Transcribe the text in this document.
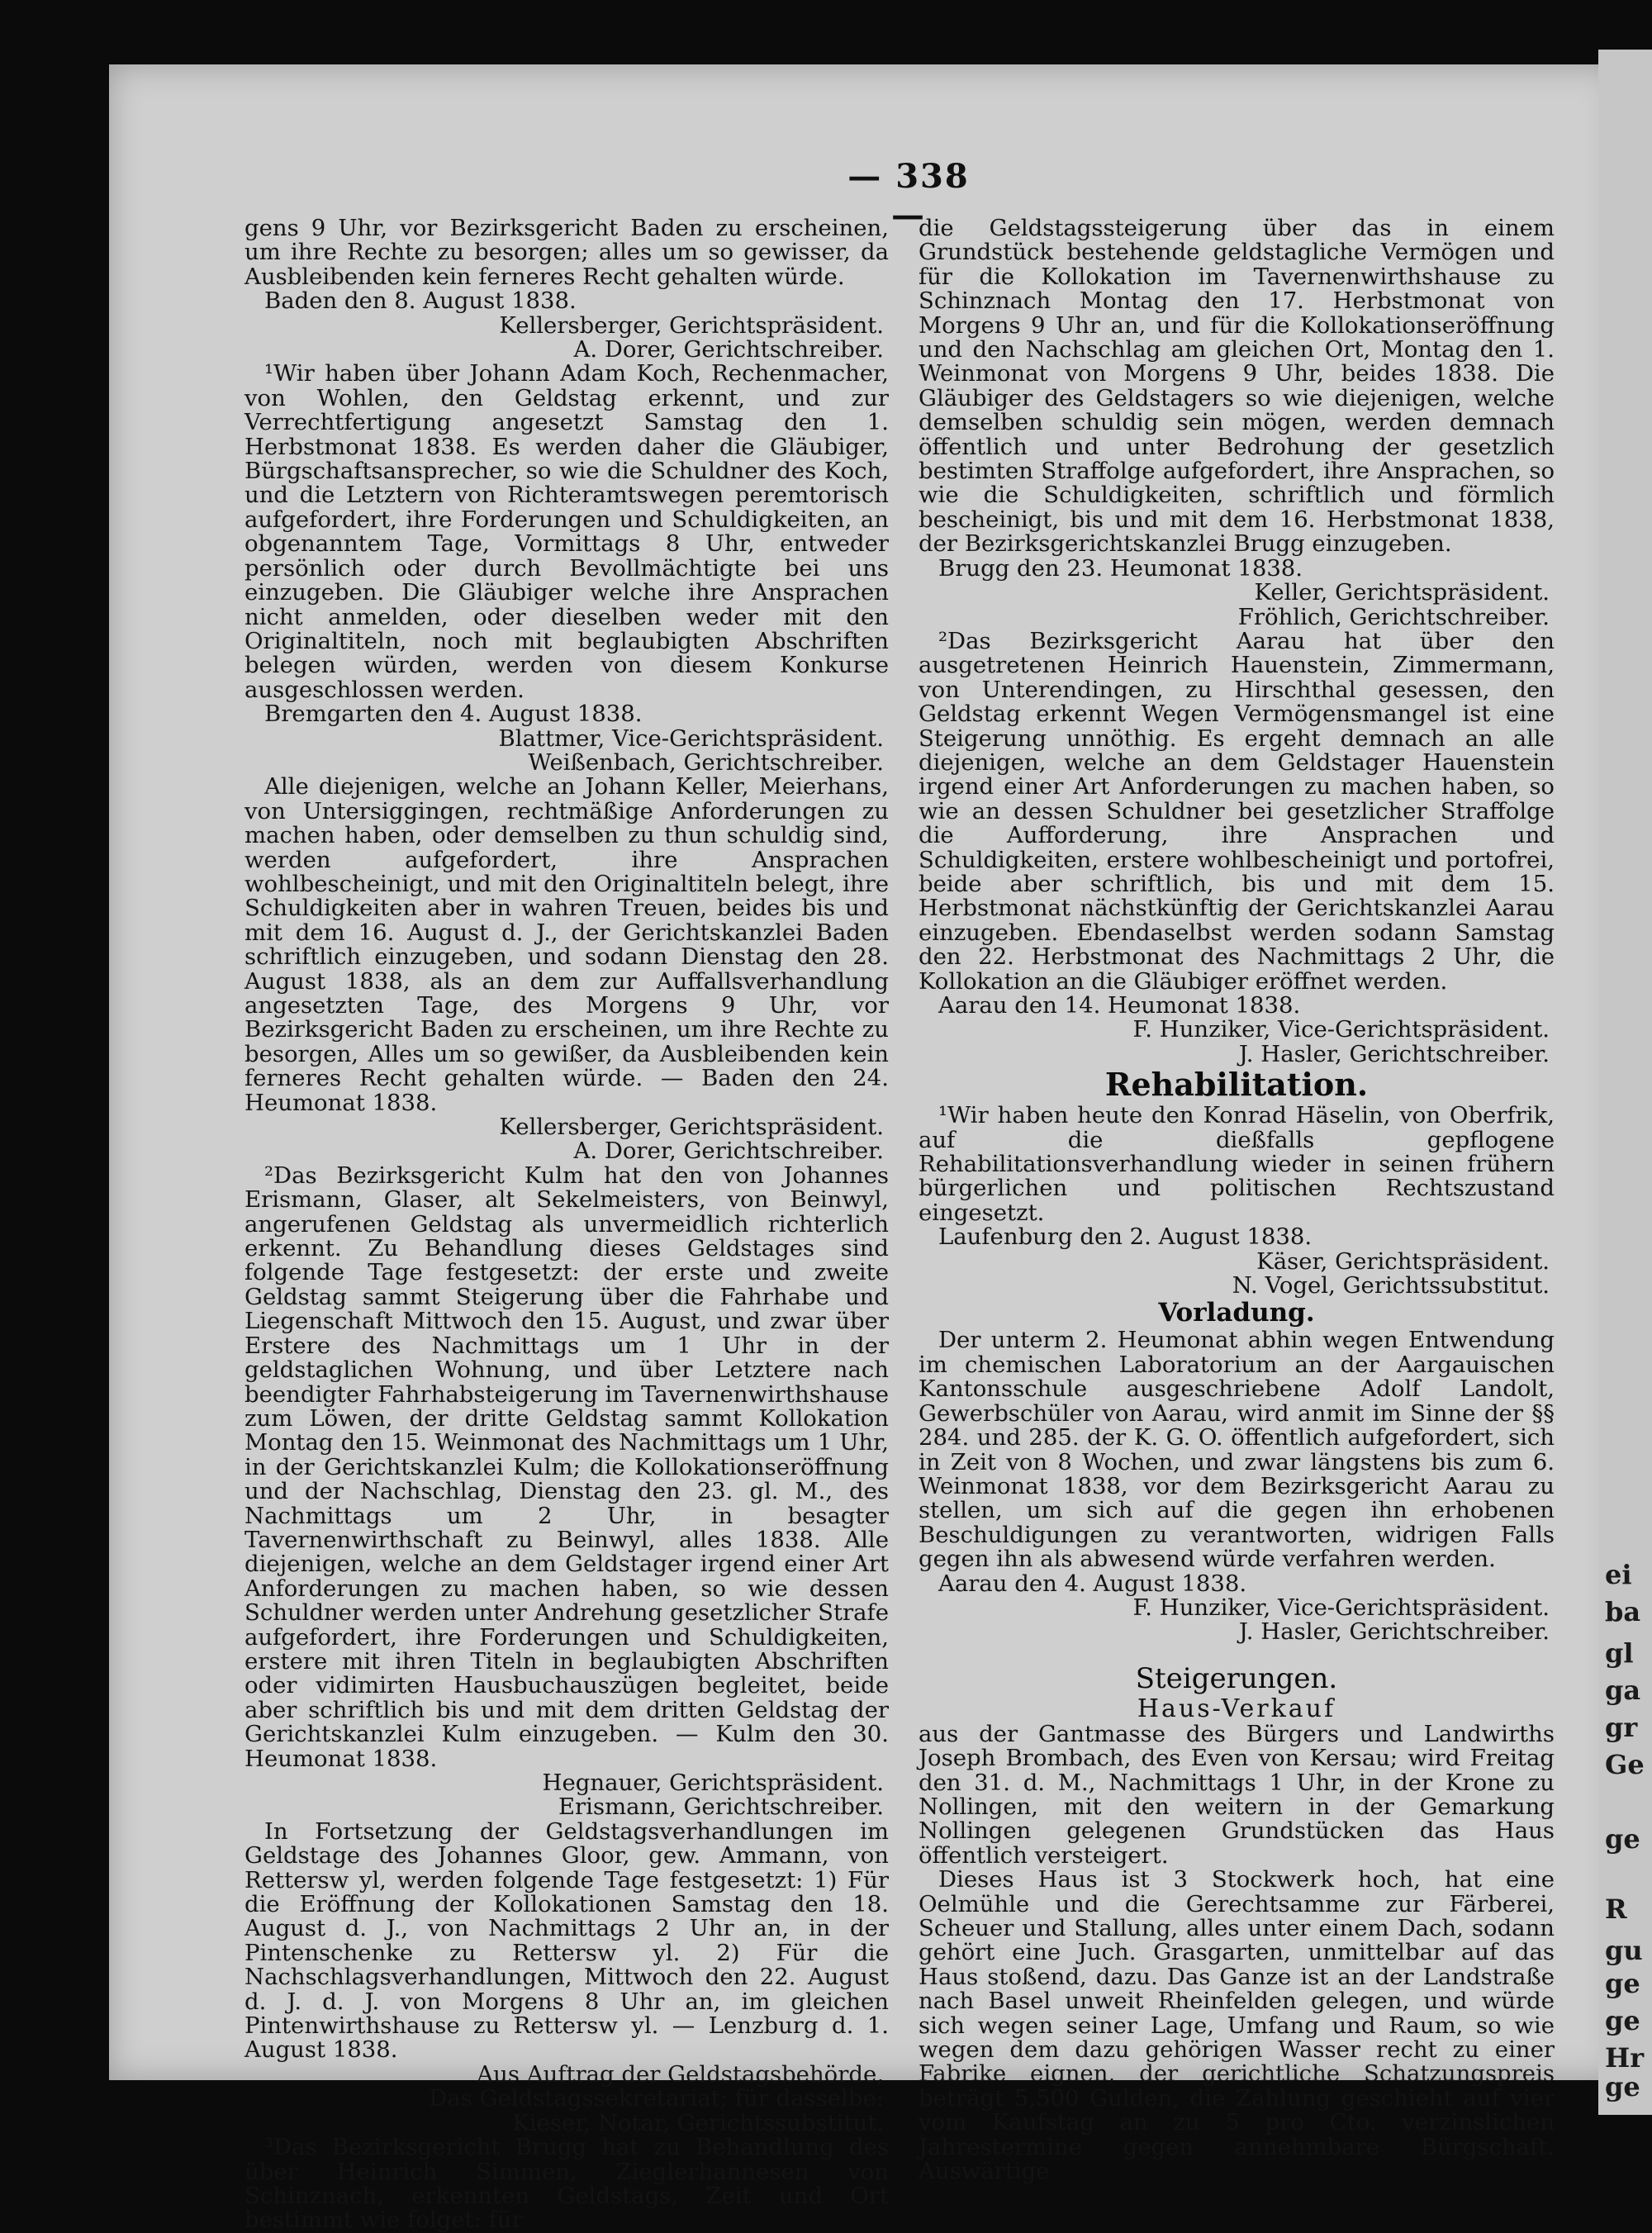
ei
ba
gl
ga
gr
Ge
ge
R
gu
ge
ge
Hr
ge
— 338 —

gens 9 Uhr, vor Bezirksgericht Baden zu erscheinen, um ihre Rechte zu besorgen; alles um so gewisser, da Ausbleibenden kein ferneres Recht gehalten würde.

Baden den 8. August 1838.

Kellersberger, Gerichtspräsident.

A. Dorer, Gerichtschreiber.

¹Wir haben über Johann Adam Koch, Rechenmacher, von Wohlen, den Geldstag erkennt, und zur Verrechtfertigung angesetzt Samstag den 1. Herbstmonat 1838. Es werden daher die Gläubiger, Bürgschaftsansprecher, so wie die Schuldner des Koch, und die Letztern von Richteramtswegen peremtorisch aufgefordert, ihre Forderungen und Schuldigkeiten, an obgenanntem Tage, Vormittags 8 Uhr, entweder persönlich oder durch Bevollmächtigte bei uns einzugeben. Die Gläubiger welche ihre Ansprachen nicht anmelden, oder dieselben weder mit den Originaltiteln, noch mit beglaubigten Abschriften belegen würden, werden von diesem Konkurse ausgeschlossen werden.

Bremgarten den 4. August 1838.

Blattmer, Vice-Gerichtspräsident.

Weißenbach, Gerichtschreiber.

Alle diejenigen, welche an Johann Keller, Meierhans, von Untersiggingen, rechtmäßige Anforderungen zu machen haben, oder demselben zu thun schuldig sind, werden aufgefordert, ihre Ansprachen wohlbescheinigt, und mit den Originaltiteln belegt, ihre Schuldigkeiten aber in wahren Treuen, beides bis und mit dem 16. August d. J., der Gerichtskanzlei Baden schriftlich einzugeben, und sodann Dienstag den 28. August 1838, als an dem zur Auffallsverhandlung angesetzten Tage, des Morgens 9 Uhr, vor Bezirksgericht Baden zu erscheinen, um ihre Rechte zu besorgen, Alles um so gewißer, da Ausbleibenden kein ferneres Recht gehalten würde. — Baden den 24. Heumonat 1838.

Kellersberger, Gerichtspräsident.

A. Dorer, Gerichtschreiber.

²Das Bezirksgericht Kulm hat den von Johannes Erismann, Glaser, alt Sekelmeisters, von Beinwyl, angerufenen Geldstag als unvermeidlich richterlich erkennt. Zu Behandlung dieses Geldstages sind folgende Tage festgesetzt: der erste und zweite Geldstag sammt Steigerung über die Fahrhabe und Liegenschaft Mittwoch den 15. August, und zwar über Erstere des Nachmittags um 1 Uhr in der geldstaglichen Wohnung, und über Letztere nach beendigter Fahrhabsteigerung im Tavernenwirthshause zum Löwen, der dritte Geldstag sammt Kollokation Montag den 15. Weinmonat des Nachmittags um 1 Uhr, in der Gerichtskanzlei Kulm; die Kollokationseröffnung und der Nachschlag, Dienstag den 23. gl. M., des Nachmittags um 2 Uhr, in besagter Tavernenwirthschaft zu Beinwyl, alles 1838. Alle diejenigen, welche an dem Geldstager irgend einer Art Anforderungen zu machen haben, so wie dessen Schuldner werden unter Andrehung gesetzlicher Strafe aufgefordert, ihre Forderungen und Schuldigkeiten, erstere mit ihren Titeln in beglaubigten Abschriften oder vidimirten Hausbuchauszügen begleitet, beide aber schriftlich bis und mit dem dritten Geldstag der Gerichtskanzlei Kulm einzugeben. — Kulm den 30. Heumonat 1838.

Hegnauer, Gerichtspräsident.

Erismann, Gerichtschreiber.

In Fortsetzung der Geldstagsverhandlungen im Geldstage des Johannes Gloor, gew. Ammann, von Rettersw yl, werden folgende Tage festgesetzt: 1) Für die Eröffnung der Kollokationen Samstag den 18. August d. J., von Nachmittags 2 Uhr an, in der Pintenschenke zu Rettersw yl. 2) Für die Nachschlagsverhandlungen, Mittwoch den 22. August d. J. d. J. von Morgens 8 Uhr an, im gleichen Pintenwirthshause zu Rettersw yl. — Lenzburg d. 1. August 1838.

Aus Auftrag der Geldstagsbehörde,

Das Geldstagssekretariat; für dasselbe:

Kieser, Notar, Gerichtssubstitut.

³Das Bezirksgericht Brugg hat zu Behandlung des über Heinrich Simmen, Zieglerhannesen von Schinznach, erkennten Geldstags, Zeit und Ort bestimmt wie folget: für

die Geldstagssteigerung über das in einem Grundstück bestehende geldstagliche Vermögen und für die Kollokation im Tavernenwirthshause zu Schinznach Montag den 17. Herbstmonat von Morgens 9 Uhr an, und für die Kollokationseröffnung und den Nachschlag am gleichen Ort, Montag den 1. Weinmonat von Morgens 9 Uhr, beides 1838. Die Gläubiger des Geldstagers so wie diejenigen, welche demselben schuldig sein mögen, werden demnach öffentlich und unter Bedrohung der gesetzlich bestimten Straffolge aufgefordert, ihre Ansprachen, so wie die Schuldigkeiten, schriftlich und förmlich bescheinigt, bis und mit dem 16. Herbstmonat 1838, der Bezirksgerichtskanzlei Brugg einzugeben.

Brugg den 23. Heumonat 1838.

Keller, Gerichtspräsident.

Fröhlich, Gerichtschreiber.

²Das Bezirksgericht Aarau hat über den ausgetretenen Heinrich Hauenstein, Zimmermann, von Unterendingen, zu Hirschthal gesessen, den Geldstag erkennt Wegen Vermögensmangel ist eine Steigerung unnöthig. Es ergeht demnach an alle diejenigen, welche an dem Geldstager Hauenstein irgend einer Art Anforderungen zu machen haben, so wie an dessen Schuldner bei gesetzlicher Straffolge die Aufforderung, ihre Ansprachen und Schuldigkeiten, erstere wohlbescheinigt und portofrei, beide aber schriftlich, bis und mit dem 15. Herbstmonat nächstkünftig der Gerichtskanzlei Aarau einzugeben. Ebendaselbst werden sodann Samstag den 22. Herbstmonat des Nachmittags 2 Uhr, die Kollokation an die Gläubiger eröffnet werden.

Aarau den 14. Heumonat 1838.

F. Hunziker, Vice-Gerichtspräsident.

J. Hasler, Gerichtschreiber.

Rehabilitation.

¹Wir haben heute den Konrad Häselin, von Oberfrik, auf die dießfalls gepflogene Rehabilitationsverhandlung wieder in seinen frühern bürgerlichen und politischen Rechtszustand eingesetzt.

Laufenburg den 2. August 1838.

Käser, Gerichtspräsident.

N. Vogel, Gerichtssubstitut.

Vorladung.

Der unterm 2. Heumonat abhin wegen Entwendung im chemischen Laboratorium an der Aargauischen Kantonsschule ausgeschriebene Adolf Landolt, Gewerbschüler von Aarau, wird anmit im Sinne der §§ 284. und 285. der K. G. O. öffentlich aufgefordert, sich in Zeit von 8 Wochen, und zwar längstens bis zum 6. Weinmonat 1838, vor dem Bezirksgericht Aarau zu stellen, um sich auf die gegen ihn erhobenen Beschuldigungen zu verantworten, widrigen Falls gegen ihn als abwesend würde verfahren werden.

Aarau den 4. August 1838.

F. Hunziker, Vice-Gerichtspräsident.

J. Hasler, Gerichtschreiber.

Steigerungen.
Haus-Verkauf

aus der Gantmasse des Bürgers und Landwirths Joseph Brombach, des Even von Kersau; wird Freitag den 31. d. M., Nachmittags 1 Uhr, in der Krone zu Nollingen, mit den weitern in der Gemarkung Nollingen gelegenen Grundstücken das Haus öffentlich versteigert.

Dieses Haus ist 3 Stockwerk hoch, hat eine Oelmühle und die Gerechtsamme zur Färberei, Scheuer und Stallung, alles unter einem Dach, sodann gehört eine Juch. Grasgarten, unmittelbar auf das Haus stoßend, dazu. Das Ganze ist an der Landstraße nach Basel unweit Rheinfelden gelegen, und würde sich wegen seiner Lage, Umfang und Raum, so wie wegen dem dazu gehörigen Wasser recht zu einer Fabrike eignen, der gerichtliche Schatzungspreis beträgt 5,500 Gulden, die Zahlung geschieht auf vier vom Kaufstag an zu 5 pro Cto. verzinslichen Jahrestermine gegen annehmbare Bürgschaft. Auswärtige
